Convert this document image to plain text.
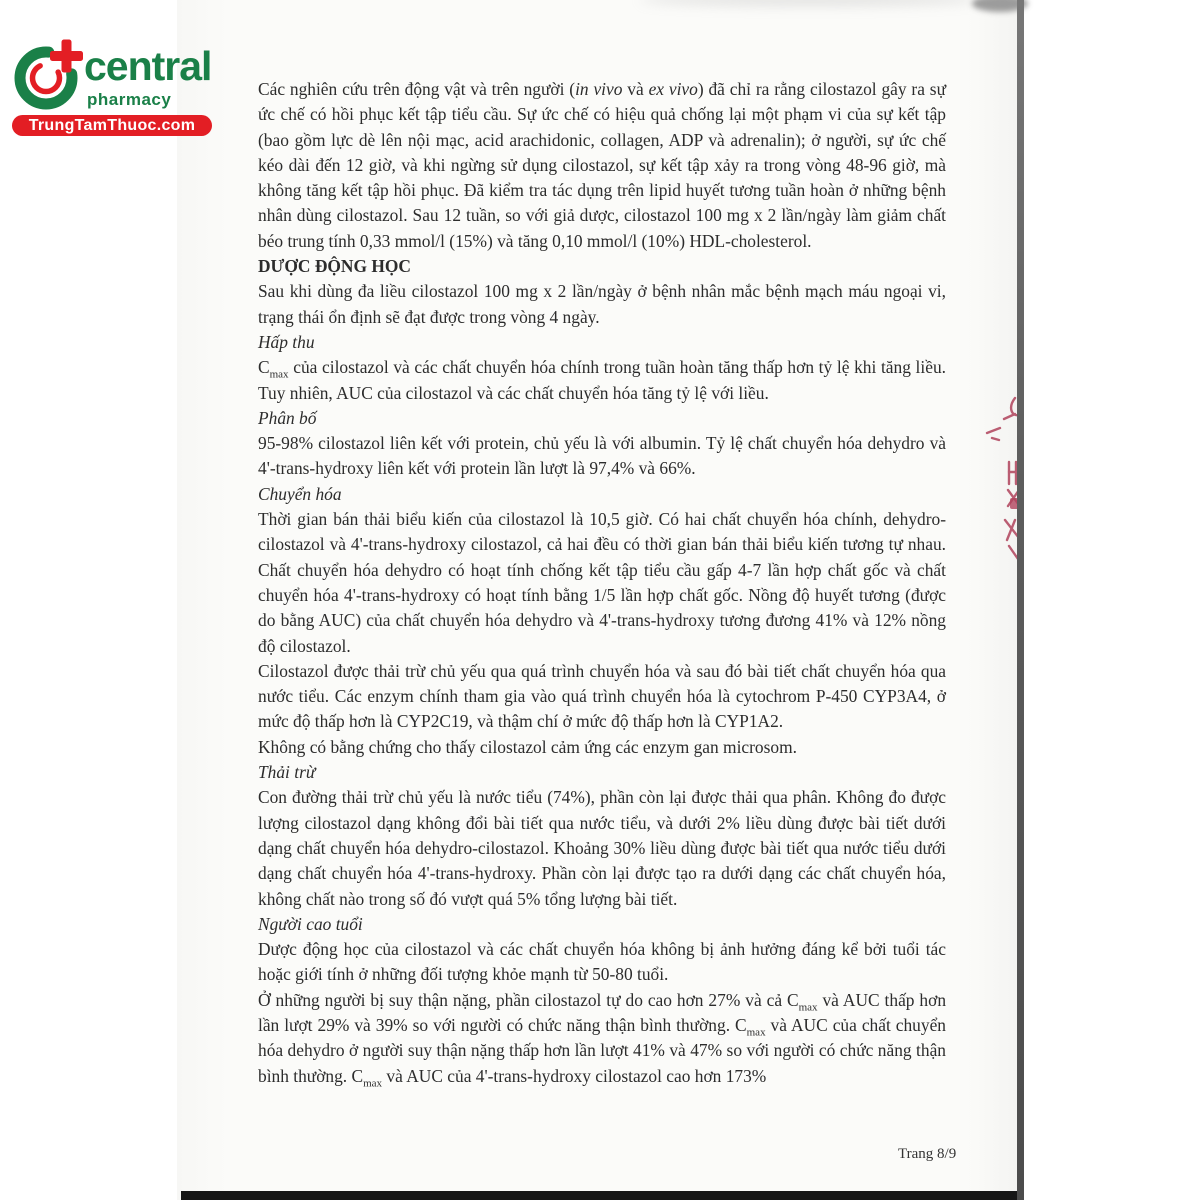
central
pharmacy
TrungTamThuoc.com
Các nghiên cứu trên động vật và trên người (in vivo và ex vivo) đã chỉ ra rằng cilostazol gây ra sự ức chế có hồi phục kết tập tiểu cầu. Sự ức chế có hiệu quả chống lại một phạm vi của sự kết tập (bao gồm lực dè lên nội mạc, acid arachidonic, collagen, ADP và adrenalin); ở người, sự ức chế kéo dài đến 12 giờ, và khi ngừng sử dụng cilostazol, sự kết tập xảy ra trong vòng 48-96 giờ, mà không tăng kết tập hồi phục. Đã kiểm tra tác dụng trên lipid huyết tương tuần hoàn ở những bệnh nhân dùng cilostazol. Sau 12 tuần, so với giả dược, cilostazol 100 mg x 2 lần/ngày làm giảm chất béo trung tính 0,33 mmol/l (15%) và tăng 0,10 mmol/l (10%) HDL-cholesterol.
DƯỢC ĐỘNG HỌC
Sau khi dùng đa liều cilostazol 100 mg x 2 lần/ngày ở bệnh nhân mắc bệnh mạch máu ngoại vi, trạng thái ổn định sẽ đạt được trong vòng 4 ngày.
Hấp thu
$C_{max}$ của cilostazol và các chất chuyển hóa chính trong tuần hoàn tăng thấp hơn tỷ lệ khi tăng liều. Tuy nhiên, AUC của cilostazol và các chất chuyển hóa tăng tỷ lệ với liều.
Phân bố
95-98% cilostazol liên kết với protein, chủ yếu là với albumin. Tỷ lệ chất chuyển hóa dehydro và 4'-trans-hydroxy liên kết với protein lần lượt là 97,4% và 66%.
Chuyển hóa
Thời gian bán thải biểu kiến của cilostazol là 10,5 giờ. Có hai chất chuyển hóa chính, dehydro-cilostazol và 4'-trans-hydroxy cilostazol, cả hai đều có thời gian bán thải biểu kiến tương tự nhau. Chất chuyển hóa dehydro có hoạt tính chống kết tập tiểu cầu gấp 4-7 lần hợp chất gốc và chất chuyển hóa 4'-trans-hydroxy có hoạt tính bằng 1/5 lần hợp chất gốc. Nồng độ huyết tương (được do bằng AUC) của chất chuyển hóa dehydro và 4'-trans-hydroxy tương đương 41% và 12% nồng độ cilostazol.
Cilostazol được thải trừ chủ yếu qua quá trình chuyển hóa và sau đó bài tiết chất chuyển hóa qua nước tiểu. Các enzym chính tham gia vào quá trình chuyển hóa là cytochrom P-450 CYP3A4, ở mức độ thấp hơn là CYP2C19, và thậm chí ở mức độ thấp hơn là CYP1A2.
Không có bằng chứng cho thấy cilostazol cảm ứng các enzym gan microsom.
Thải trừ
Con đường thải trừ chủ yếu là nước tiểu (74%), phần còn lại được thải qua phân. Không đo được lượng cilostazol dạng không đổi bài tiết qua nước tiểu, và dưới 2% liều dùng được bài tiết dưới dạng chất chuyển hóa dehydro-cilostazol. Khoảng 30% liều dùng được bài tiết qua nước tiểu dưới dạng chất chuyển hóa 4'-trans-hydroxy. Phần còn lại được tạo ra dưới dạng các chất chuyển hóa, không chất nào trong số đó vượt quá 5% tổng lượng bài tiết.
Người cao tuổi
Dược động học của cilostazol và các chất chuyển hóa không bị ảnh hưởng đáng kể bởi tuổi tác hoặc giới tính ở những đối tượng khỏe mạnh từ 50-80 tuổi.
Ở những người bị suy thận nặng, phần cilostazol tự do cao hơn 27% và cả $C_{max}$ và AUC thấp hơn lần lượt 29% và 39% so với người có chức năng thận bình thường. $C_{max}$ và AUC của chất chuyển hóa dehydro ở người suy thận nặng thấp hơn lần lượt 41% và 47% so với người có chức năng thận bình thường. $C_{max}$ và AUC của 4'-trans-hydroxy cilostazol cao hơn 173%
Trang 8/9
